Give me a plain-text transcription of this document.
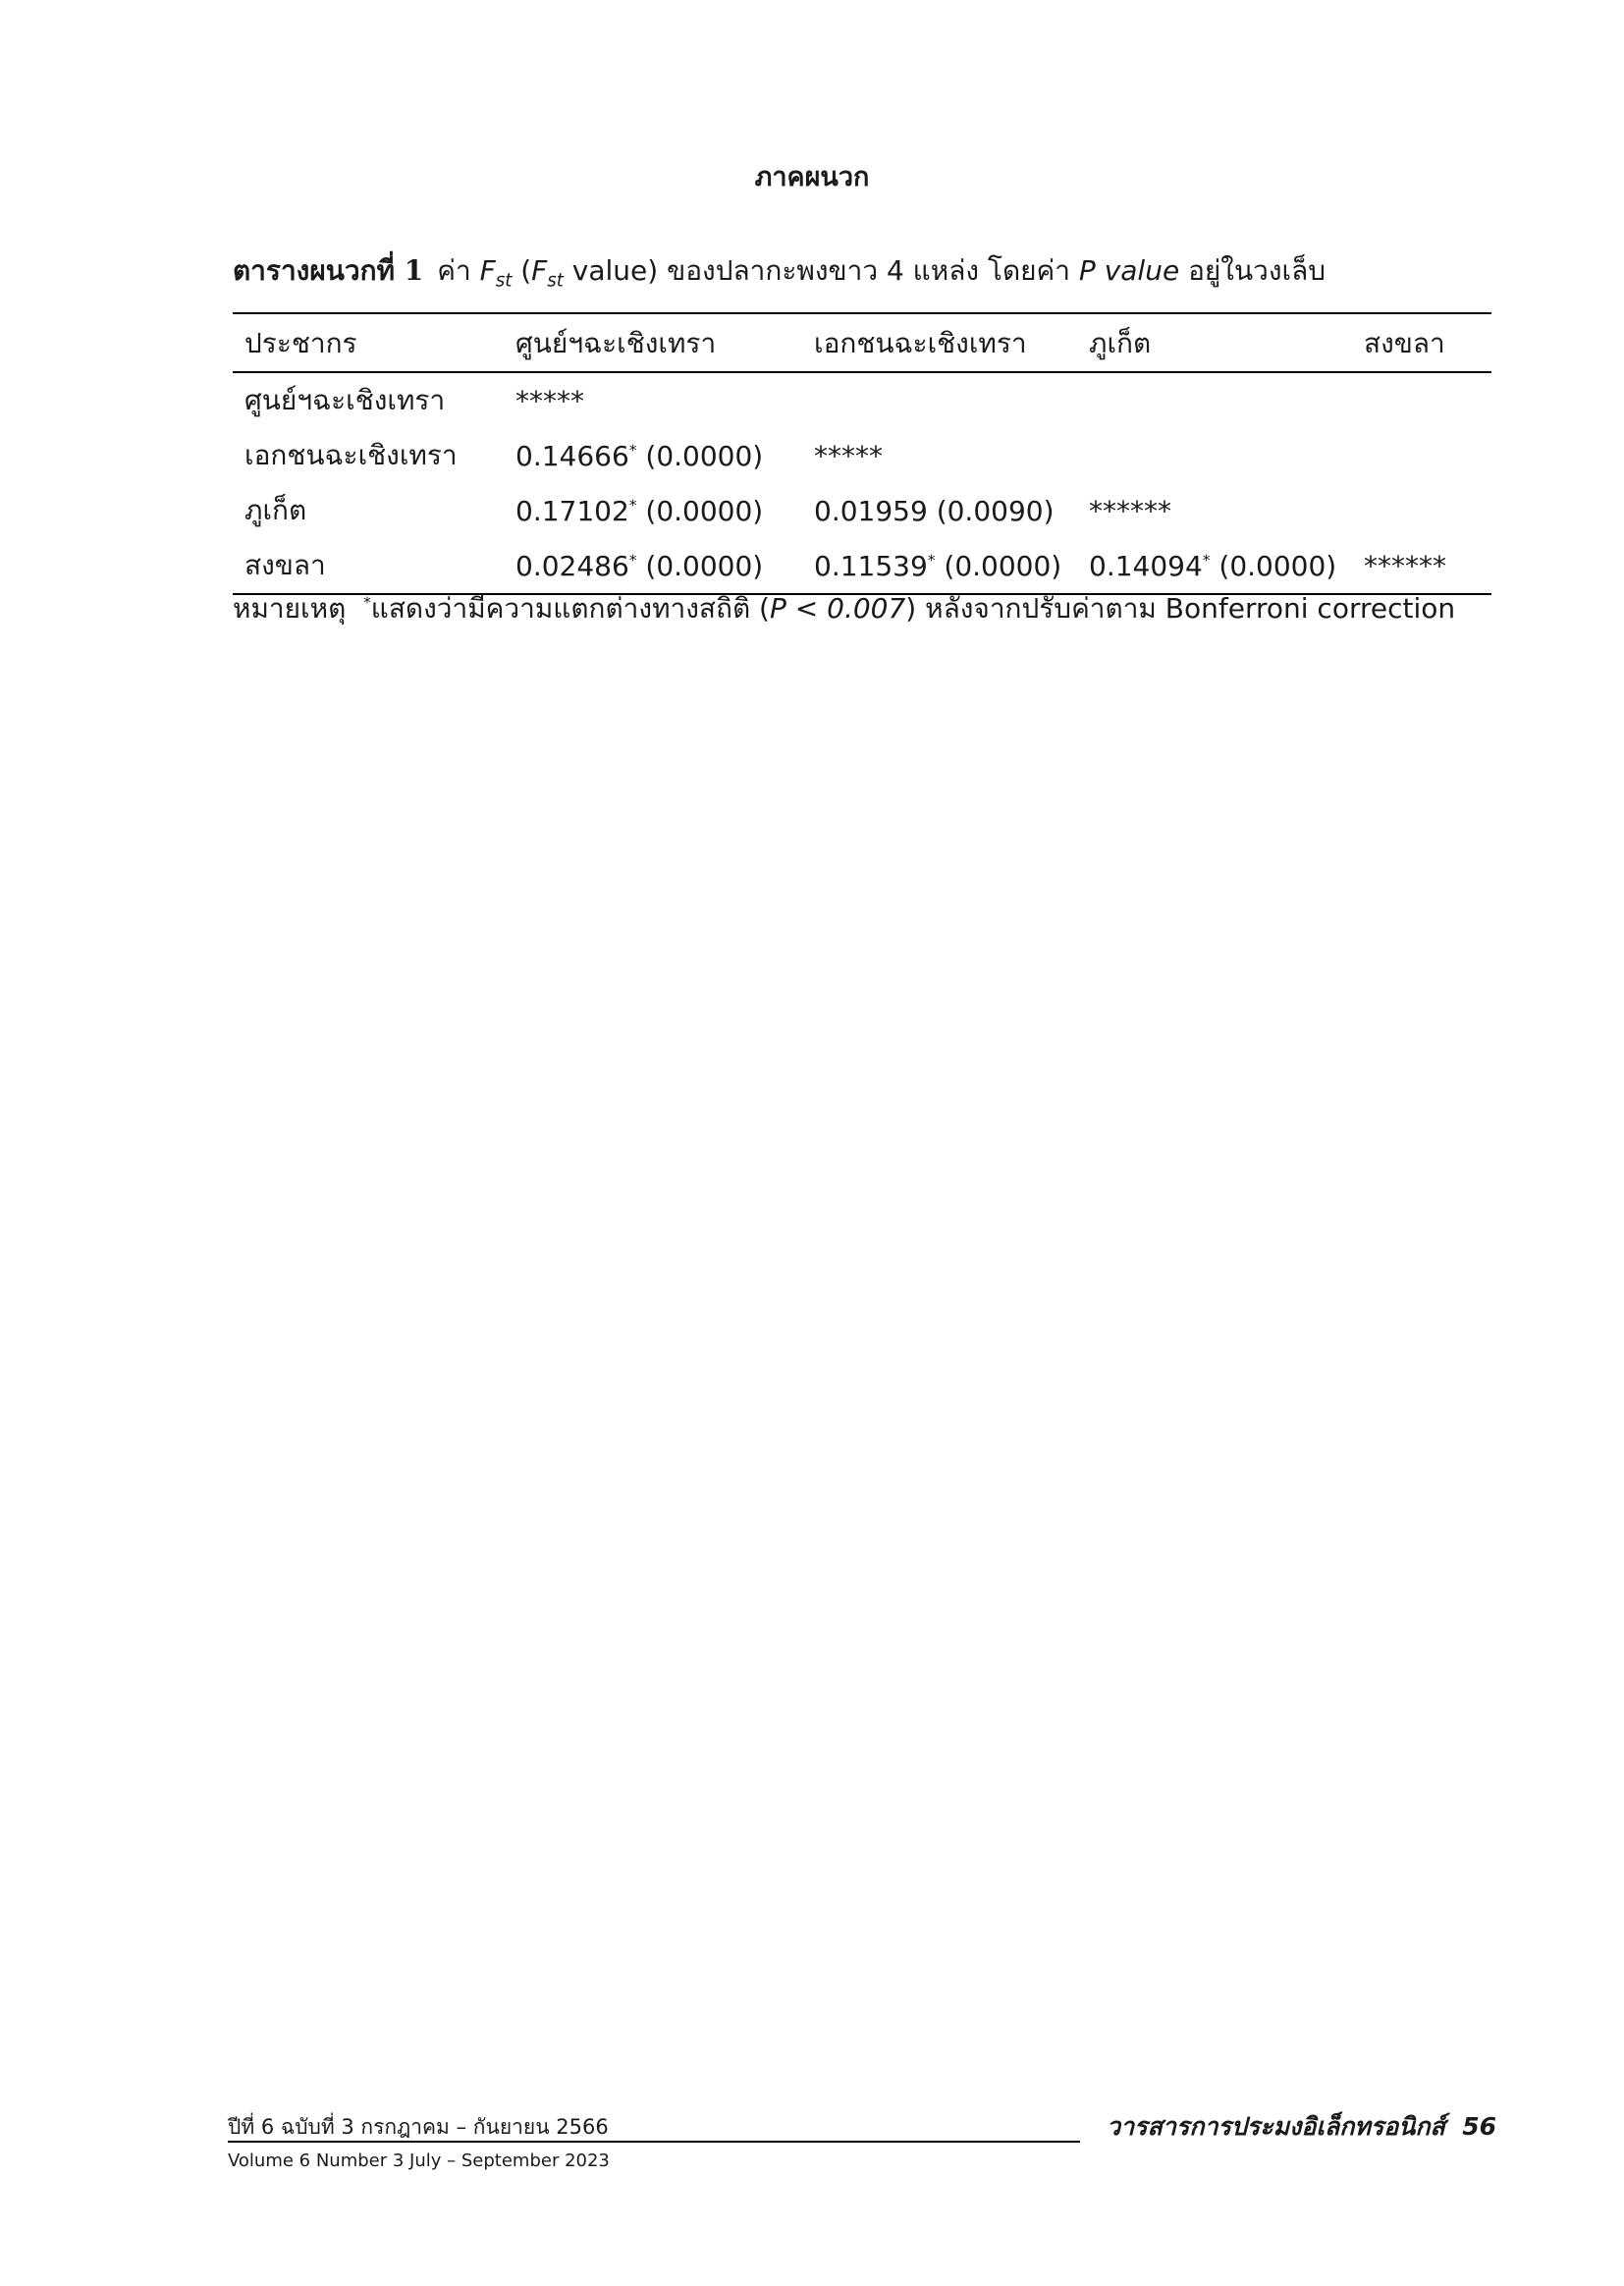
ภาคผนวก
ตารางผนวกที่ 1 ค่า $F_{st}$ ($F_{st}$ value) ของปลากะพงขาว 4 แหล่ง โดยค่า P value อยู่ในวงเล็บ
ประชากร	ศูนย์ฯฉะเชิงเทรา	เอกชนฉะเชิงเทรา	ภูเก็ต	สงขลา
ศูนย์ฯฉะเชิงเทรา	*****			
เอกชนฉะเชิงเทรา	0.14666* (0.0000)	*****		
ภูเก็ต	0.17102* (0.0000)	0.01959 (0.0090)	******	
สงขลา	0.02486* (0.0000)	0.11539* (0.0000)	0.14094* (0.0000)	******
หมายเหตุ *แสดงว่ามีความแตกต่างทางสถิติ (P < 0.007) หลังจากปรับค่าตาม Bonferroni correction
ปีที่ 6 ฉบับที่ 3 กรกฎาคม – กันยายน 2566
Volume 6 Number 3 July – September 2023
วารสารการประมงอิเล็กทรอนิกส์ 56
